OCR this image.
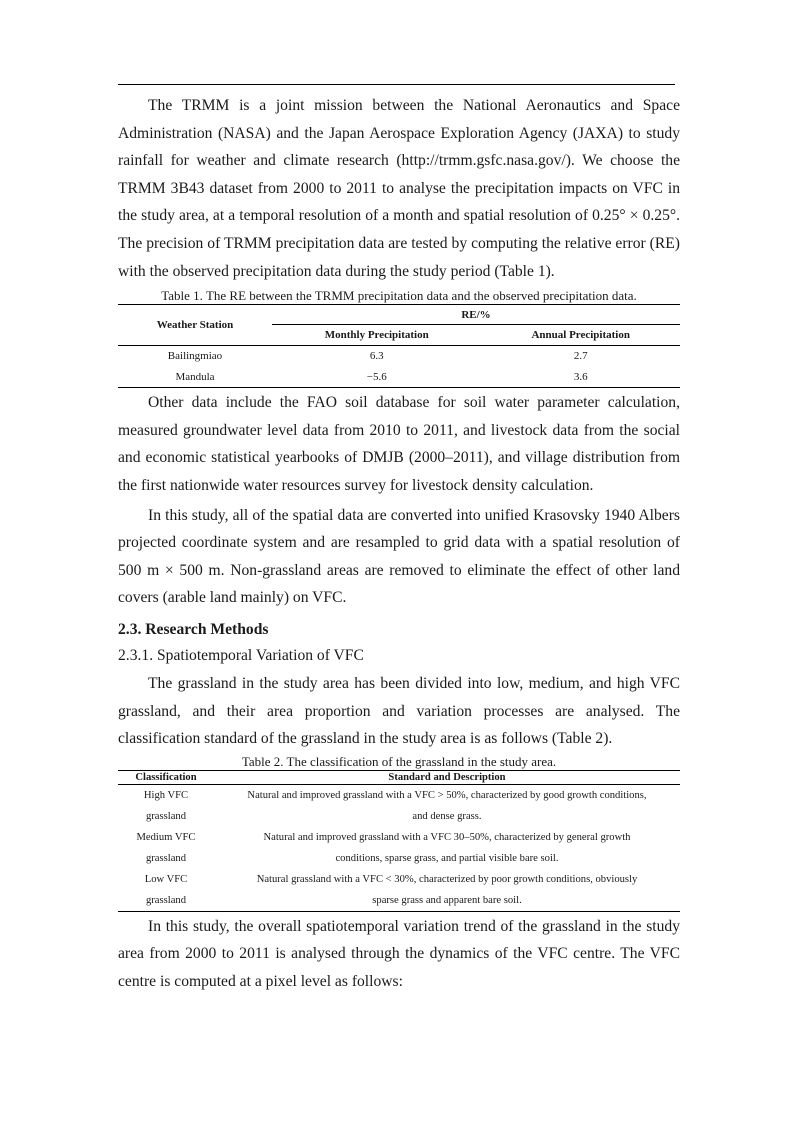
The TRMM is a joint mission between the National Aeronautics and Space Administration (NASA) and the Japan Aerospace Exploration Agency (JAXA) to study rainfall for weather and climate research (http://trmm.gsfc.nasa.gov/). We choose the TRMM 3B43 dataset from 2000 to 2011 to analyse the precipitation impacts on VFC in the study area, at a temporal resolution of a month and spatial resolution of 0.25° × 0.25°. The precision of TRMM precipitation data are tested by computing the relative error (RE) with the observed precipitation data during the study period (Table 1).

Table 1. The RE between the TRMM precipitation data and the observed precipitation data.

Weather Station	RE/%	
	Monthly Precipitation	Annual Precipitation
Bailingmiao	6.3	2.7
Mandula	−5.6	3.6

Other data include the FAO soil database for soil water parameter calculation, measured groundwater level data from 2010 to 2011, and livestock data from the social and economic statistical yearbooks of DMJB (2000–2011), and village distribution from the first nationwide water resources survey for livestock density calculation.

In this study, all of the spatial data are converted into unified Krasovsky 1940 Albers projected coordinate system and are resampled to grid data with a spatial resolution of 500 m × 500 m. Non-grassland areas are removed to eliminate the effect of other land covers (arable land mainly) on VFC.

2.3. Research Methods
2.3.1. Spatiotemporal Variation of VFC

The grassland in the study area has been divided into low, medium, and high VFC grassland, and their area proportion and variation processes are analysed. The classification standard of the grassland in the study area is as follows (Table 2).

Table 2. The classification of the grassland in the study area.

Classification	Standard and Description
High VFC
grassland	Natural and improved grassland with a VFC > 50%, characterized by good growth conditions,
and dense grass.
Medium VFC
grassland	Natural and improved grassland with a VFC 30–50%, characterized by general growth
conditions, sparse grass, and partial visible bare soil.
Low VFC
grassland	Natural grassland with a VFC < 30%, characterized by poor growth conditions, obviously
sparse grass and apparent bare soil.

In this study, the overall spatiotemporal variation trend of the grassland in the study area from 2000 to 2011 is analysed through the dynamics of the VFC centre. The VFC centre is computed at a pixel level as follows:
